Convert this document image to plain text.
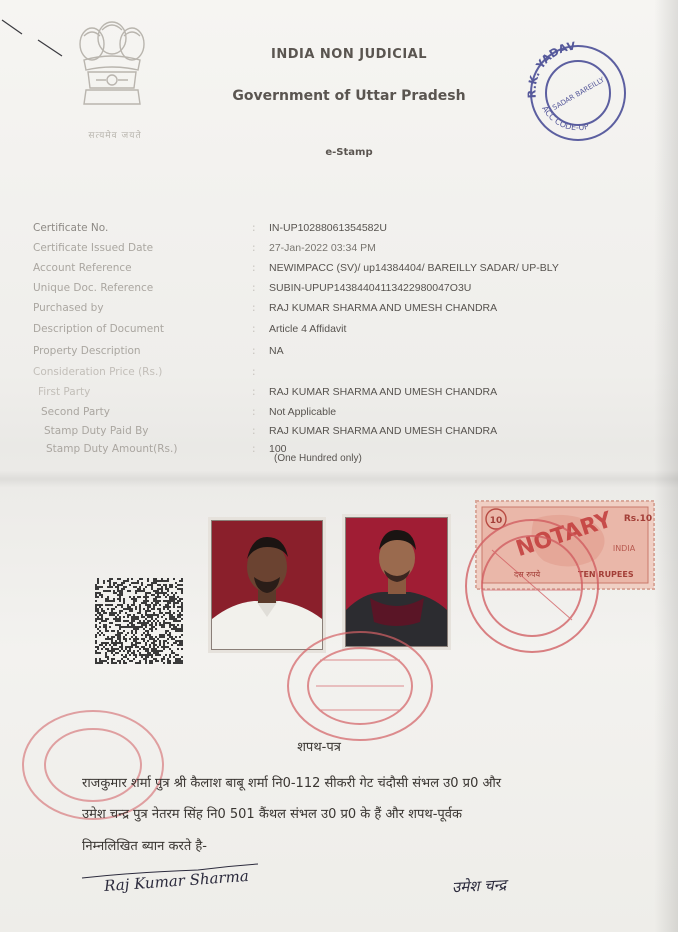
सत्यमेव जयते
INDIA NON JUDICIAL
Government of Uttar Pradesh
e-Stamp
R.K. YADAV
ACC CODE-UP
SADAR BAREILLY
Certificate No.	: IN-UP10288061354582U
Certificate Issued Date	: 27-Jan-2022 03:34 PM
Account Reference	: NEWIMPACC (SV)/ up14384404/ BAREILLY SADAR/ UP-BLY
Unique Doc. Reference	: SUBIN-UPUP14384404113422980047O3U
Purchased by	: RAJ KUMAR SHARMA AND UMESH CHANDRA
Description of Document	: Article 4 Affidavit
Property Description	: NA
Consideration Price (Rs.)	:
First Party	: RAJ KUMAR SHARMA AND UMESH CHANDRA
Second Party	: Not Applicable
Stamp Duty Paid By	: RAJ KUMAR SHARMA AND UMESH CHANDRA
Stamp Duty Amount(Rs.)	: 100
(One Hundred only)
10	Rs.10
INDIA
दस रुपये	TEN RUPEES
NOTARY
शपथ-पत्र
राजकुमार शर्मा पुत्र श्री कैलाश बाबू शर्मा नि0-112 सीकरी गेट चंदौसी संभल उ0 प्र0 और
उमेश चन्द्र पुत्र नेतरम सिंह नि0 501 कैंथल संभल उ0 प्र0 के हैं और शपथ-पूर्वक
निम्नलिखित ब्यान करते है-
Raj Kumar Sharma	उमेश चन्द्र
